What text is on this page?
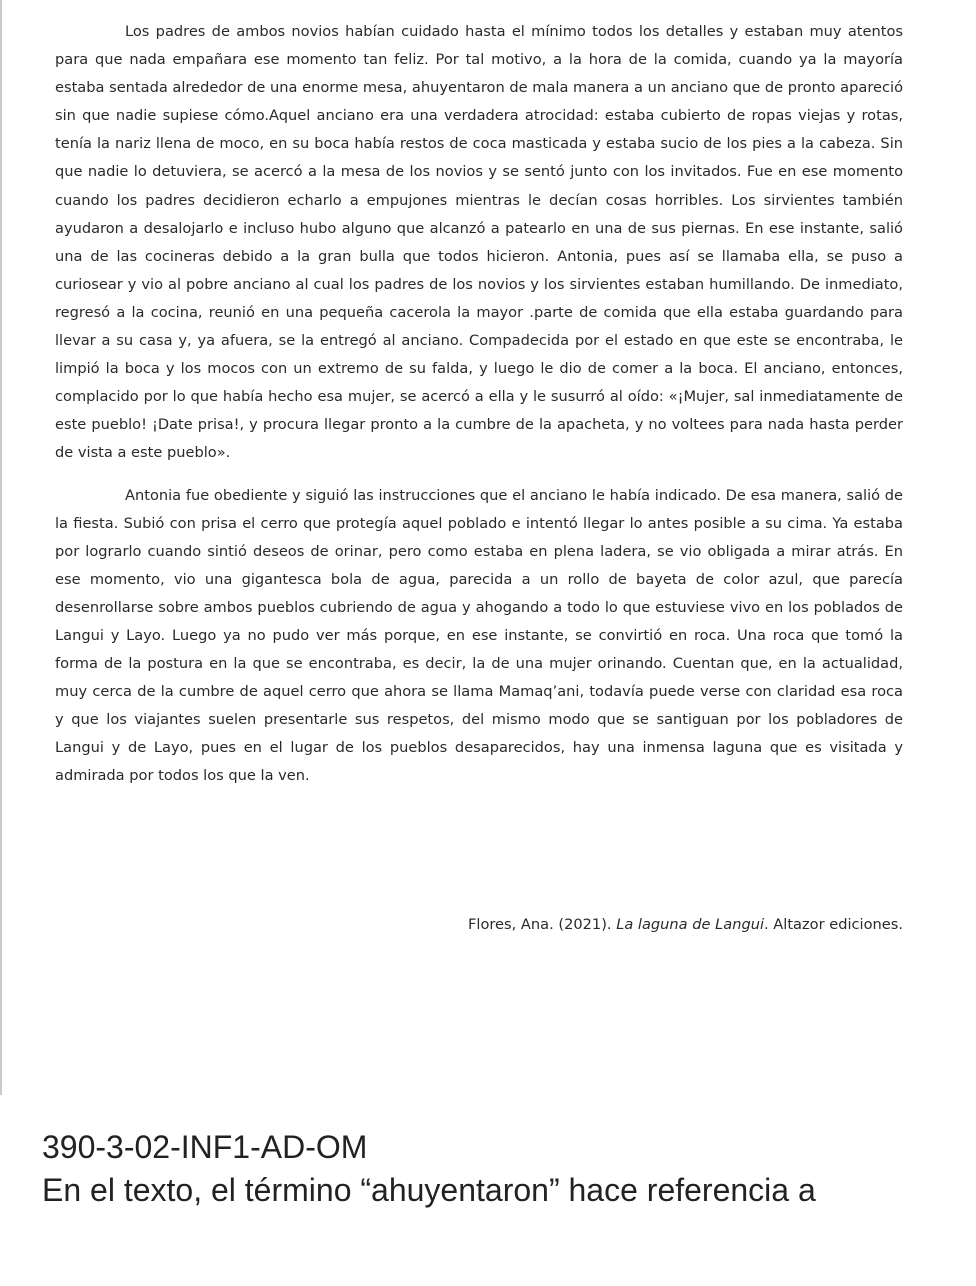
Los padres de ambos novios habían cuidado hasta el mínimo todos los detalles y estaban muy atentos para que nada empañara ese momento tan feliz. Por tal motivo, a la hora de la comida, cuando ya la mayoría estaba sentada alrededor de una enorme mesa, ahuyentaron de mala manera a un anciano que de pronto apareció sin que nadie supiese cómo.Aquel anciano era una verdadera atrocidad: estaba cubierto de ropas viejas y rotas, tenía la nariz llena de moco, en su boca había restos de coca masticada y estaba sucio de los pies a la cabeza. Sin que nadie lo detuviera, se acercó a la mesa de los novios y se sentó junto con los invitados. Fue en ese momento cuando los padres decidieron echarlo a empujones mientras le decían cosas horribles. Los sirvientes también ayudaron a desalojarlo e incluso hubo alguno que alcanzó a patearlo en una de sus piernas. En ese instante, salió una de las cocineras debido a la gran bulla que todos hicieron. Antonia, pues así se llamaba ella, se puso a curiosear y vio al pobre anciano al cual los padres de los novios y los sirvientes estaban humillando. De inmediato, regresó a la cocina, reunió en una pequeña cacerola la mayor .parte de comida que ella estaba guardando para llevar a su casa y, ya afuera, se la entregó al anciano. Compadecida por el estado en que este se encontraba, le limpió la boca y los mocos con un extremo de su falda, y luego le dio de comer a la boca. El anciano, entonces, complacido por lo que había hecho esa mujer, se acercó a ella y le susurró al oído: «¡Mujer, sal inmediatamente de este pueblo! ¡Date prisa!, y procura llegar pronto a la cumbre de la apacheta, y no voltees para nada hasta perder de vista a este pueblo».

Antonia fue obediente y siguió las instrucciones que el anciano le había indicado. De esa manera, salió de la fiesta. Subió con prisa el cerro que protegía aquel poblado e intentó llegar lo antes posible a su cima. Ya estaba por lograrlo cuando sintió deseos de orinar, pero como estaba en plena ladera, se vio obligada a mirar atrás. En ese momento, vio una gigantesca bola de agua, parecida a un rollo de bayeta de color azul, que parecía desenrollarse sobre ambos pueblos cubriendo de agua y ahogando a todo lo que estuviese vivo en los poblados de Langui y Layo. Luego ya no pudo ver más porque, en ese instante, se convirtió en roca. Una roca que tomó la forma de la postura en la que se encontraba, es decir, la de una mujer orinando. Cuentan que, en la actualidad, muy cerca de la cumbre de aquel cerro que ahora se llama Mamaq’ani, todavía puede verse con claridad esa roca y que los viajantes suelen presentarle sus respetos, del mismo modo que se santiguan por los pobladores de Langui y de Layo, pues en el lugar de los pueblos desaparecidos, hay una inmensa laguna que es visitada y admirada por todos los que la ven.

Flores, Ana. (2021). La laguna de Langui. Altazor ediciones.
390-3-02-INF1-AD-OM
En el texto, el término “ahuyentaron” hace referencia a
